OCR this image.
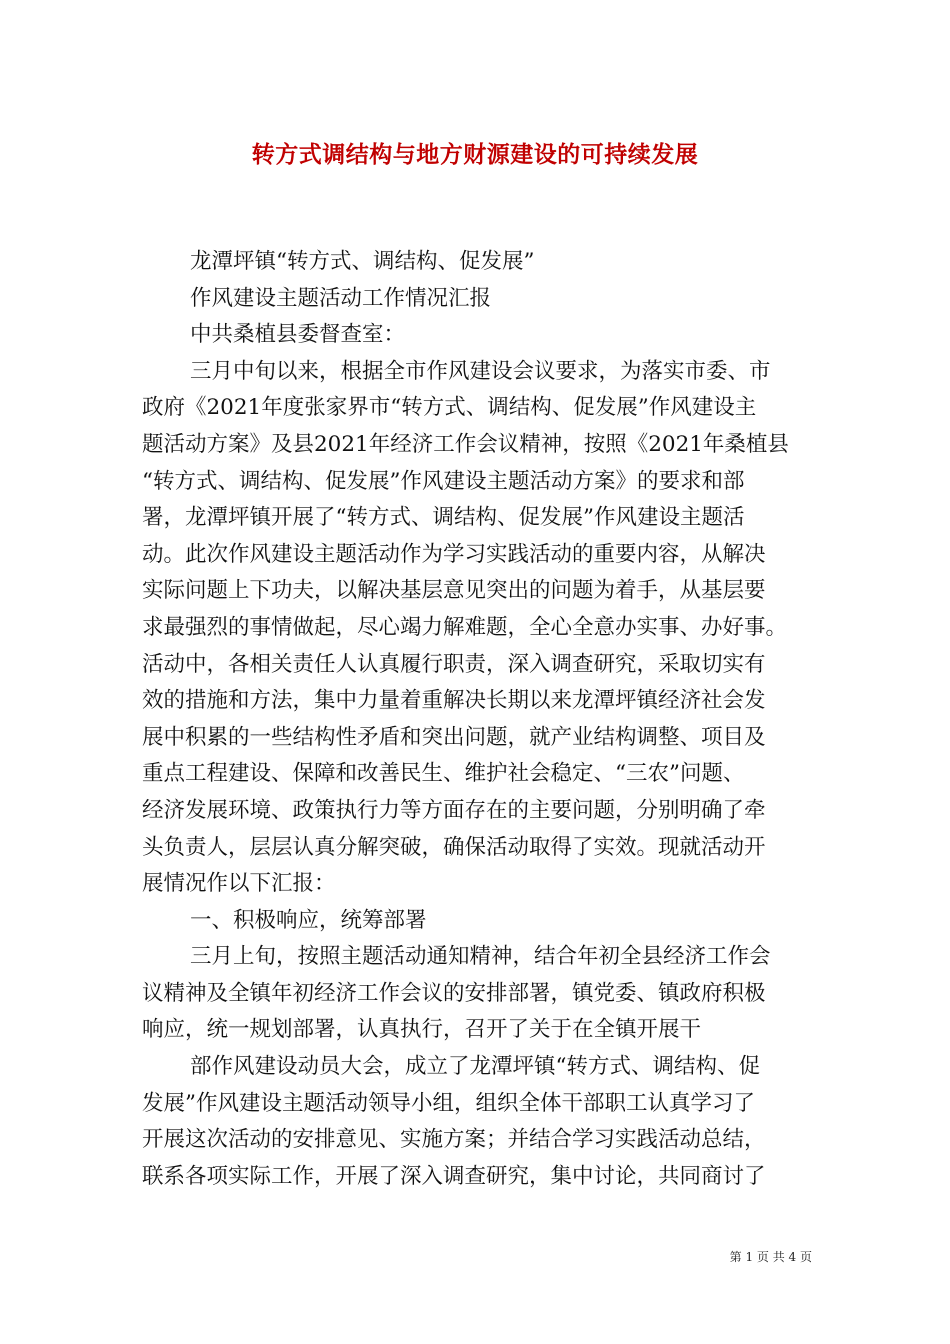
转方式调结构与地方财源建设的可持续发展

龙潭坪镇“转方式、调结构、促发展”

作风建设主题活动工作情况汇报

中共桑植县委督查室：

三月中旬以来，根据全市作风建设会议要求，为落实市委、市

政府《2021年度张家界市“转方式、调结构、促发展”作风建设主

题活动方案》及县2021年经济工作会议精神，按照《2021年桑植县

“转方式、调结构、促发展”作风建设主题活动方案》的要求和部

署，龙潭坪镇开展了“转方式、调结构、促发展”作风建设主题活

动。此次作风建设主题活动作为学习实践活动的重要内容，从解决

实际问题上下功夫，以解决基层意见突出的问题为着手，从基层要

求最强烈的事情做起，尽心竭力解难题，全心全意办实事、办好事。

活动中，各相关责任人认真履行职责，深入调查研究，采取切实有

效的措施和方法，集中力量着重解决长期以来龙潭坪镇经济社会发

展中积累的一些结构性矛盾和突出问题，就产业结构调整、项目及

重点工程建设、保障和改善民生、维护社会稳定、“三农”问题、

经济发展环境、政策执行力等方面存在的主要问题，分别明确了牵

头负责人，层层认真分解突破，确保活动取得了实效。现就活动开

展情况作以下汇报：

一、积极响应，统筹部署

三月上旬，按照主题活动通知精神，结合年初全县经济工作会

议精神及全镇年初经济工作会议的安排部署，镇党委、镇政府积极

响应，统一规划部署，认真执行，召开了关于在全镇开展干

部作风建设动员大会，成立了龙潭坪镇“转方式、调结构、促

发展”作风建设主题活动领导小组，组织全体干部职工认真学习了

开展这次活动的安排意见、实施方案；并结合学习实践活动总结，

联系各项实际工作，开展了深入调查研究，集中讨论，共同商讨了

第 1 页 共 4 页
